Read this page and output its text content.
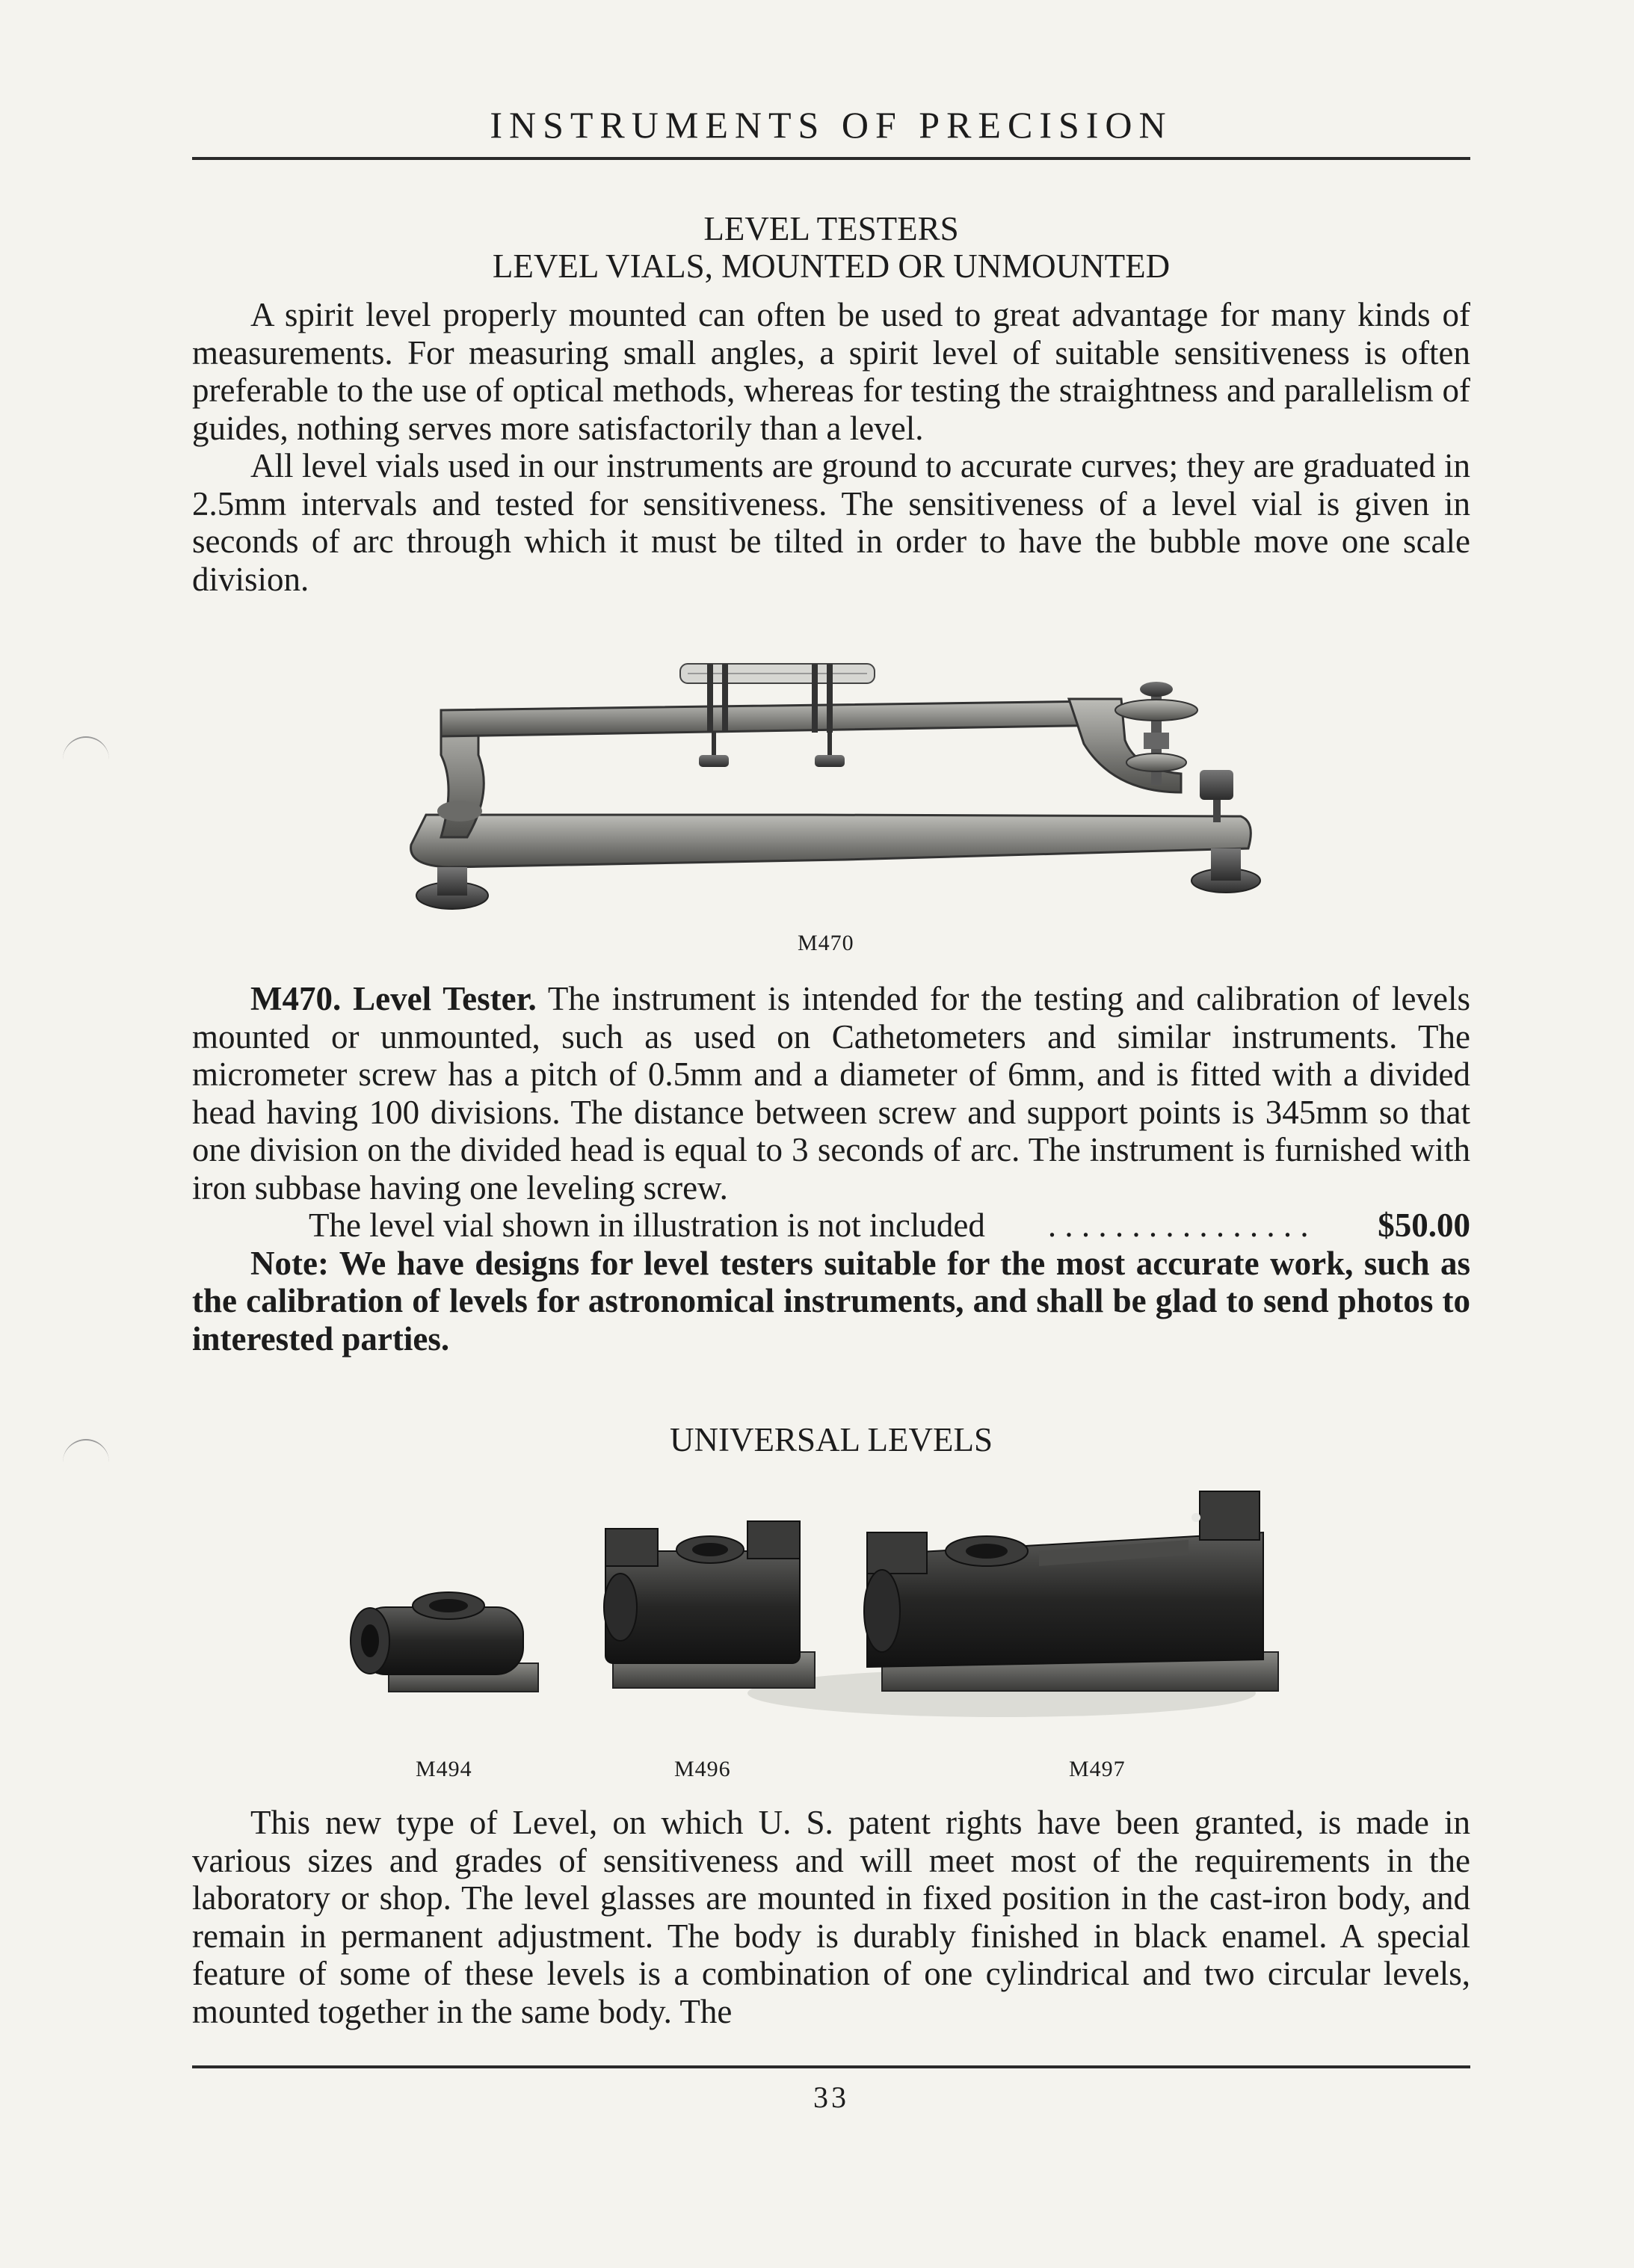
INSTRUMENTS OF PRECISION
LEVEL TESTERS
LEVEL VIALS, MOUNTED OR UNMOUNTED

A spirit level properly mounted can often be used to great advantage for many kinds of measurements. For measuring small angles, a spirit level of suitable sensitiveness is often preferable to the use of optical methods, whereas for testing the straightness and parallelism of guides, nothing serves more satisfactorily than a level.

All level vials used in our instruments are ground to accurate curves; they are graduated in 2.5mm intervals and tested for sensitiveness. The sensitiveness of a level vial is given in seconds of arc through which it must be tilted in order to have the bubble move one scale division.

M470

M470. Level Tester. The instrument is intended for the testing and calibration of levels mounted or unmounted, such as used on Cathetometers and similar instruments. The micrometer screw has a pitch of 0.5mm and a diameter of 6mm, and is fitted with a divided head having 100 divisions. The distance between screw and support points is 345mm so that one division on the divided head is equal to 3 seconds of arc. The instrument is furnished with iron subbase having one leveling screw.

The level vial shown in illustration is not included
. . .	$50.00

Note: We have designs for level testers suitable for the most accurate work, such as the calibration of levels for astronomical instruments, and shall be glad to send photos to interested parties.

UNIVERSAL LEVELS
M494	M496	M497

This new type of Level, on which U. S. patent rights have been granted, is made in various sizes and grades of sensitiveness and will meet most of the requirements in the laboratory or shop. The level glasses are mounted in fixed position in the cast-iron body, and remain in permanent adjustment. The body is durably finished in black enamel. A special feature of some of these levels is a combination of one cylindrical and two circular levels, mounted together in the same body. The

33
